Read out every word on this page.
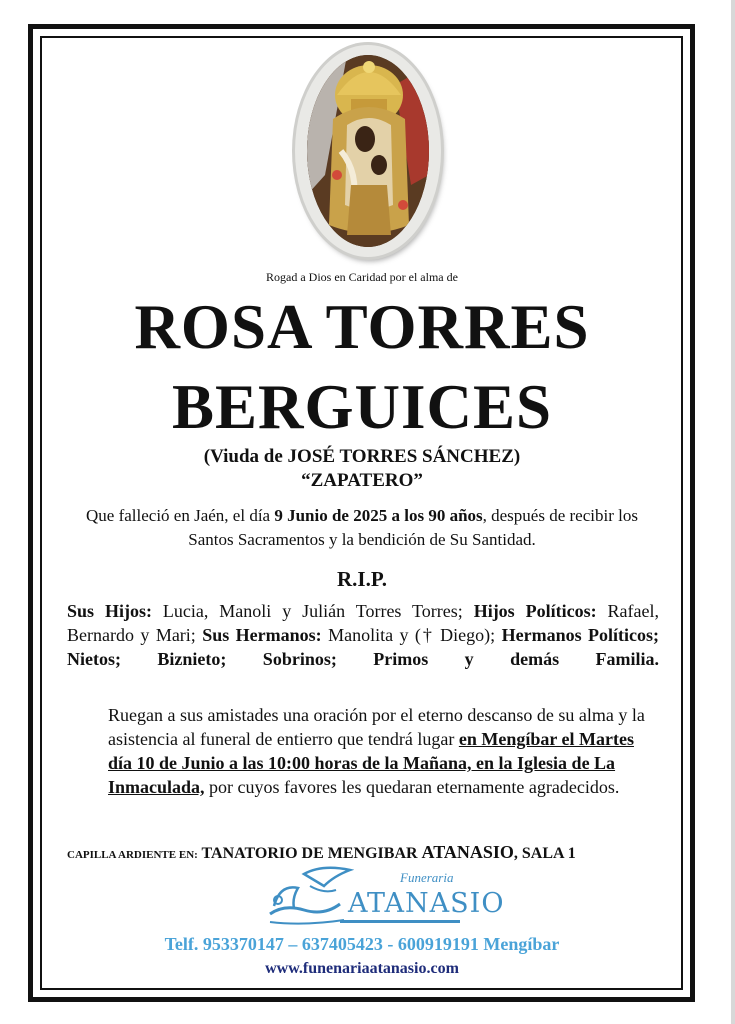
Rogad a Dios en Caridad por el alma de
ROSA TORRES
BERGUICES
(Viuda de JOSÉ TORRES SÁNCHEZ)
“ZAPATERO”
Que falleció en Jaén, el día 9 Junio de 2025 a los 90 años, después de recibir los Santos Sacramentos y la bendición de Su Santidad.
R.I.P.
Sus Hijos: Lucia, Manoli y Julián Torres Torres; Hijos Políticos: Rafael, Bernardo y Mari; Sus Hermanos: Manolita y († Diego); Hermanos Políticos; Nietos; Biznieto; Sobrinos; Primos y demás Familia.
Ruegan a sus amistades una oración por el eterno descanso de su alma y la asistencia al funeral de entierro que tendrá lugar en Mengíbar el Martes día 10 de Junio a las 10:00 horas de la Mañana, en la Iglesia de La Inmaculada, por cuyos favores les quedaran eternamente agradecidos.
CAPILLA ARDIENTE EN: TANATORIO DE MENGIBAR ATANASIO, SALA 1
Funeraria
ATANASIO
Telf. 953370147 – 637405423 - 600919191 Mengíbar
www.funenariaatanasio.com
